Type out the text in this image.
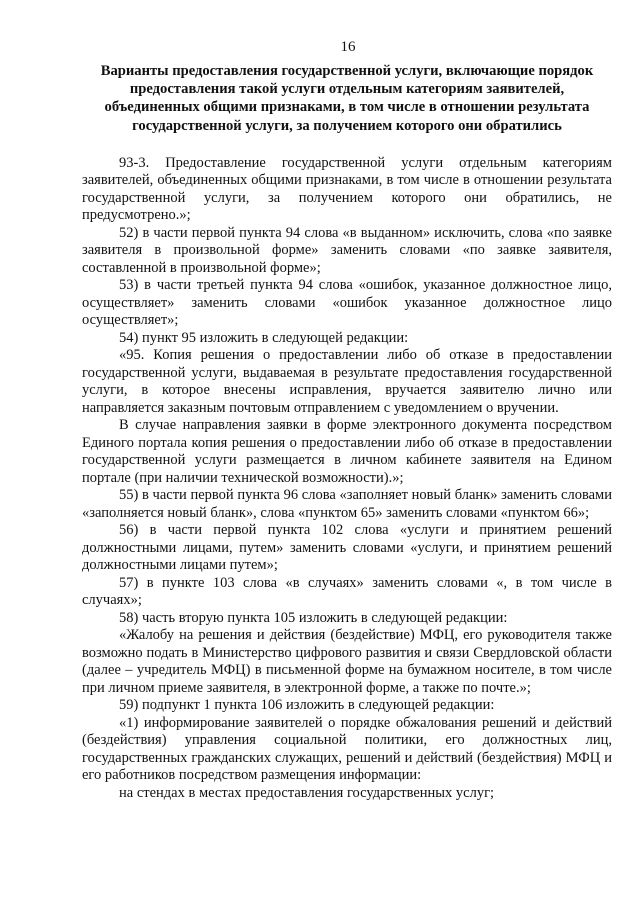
16
Варианты предоставления государственной услуги, включающие порядок предоставления такой услуги отдельным категориям заявителей, объединенных общими признаками, в том числе в отношении результата государственной услуги, за получением которого они обратились

93-3. Предоставление государственной услуги отдельным категориям заявителей, объединенных общими признаками, в том числе в отношении результата государственной услуги, за получением которого они обратились, не предусмотрено.»;

52) в части первой пункта 94 слова «в выданном» исключить, слова «по заявке заявителя в произвольной форме» заменить словами «по заявке заявителя, составленной в произвольной форме»;

53) в части третьей пункта 94 слова «ошибок, указанное должностное лицо, осуществляет» заменить словами «ошибок указанное должностное лицо осуществляет»;

54) пункт 95 изложить в следующей редакции:

«95. Копия решения о предоставлении либо об отказе в предоставлении государственной услуги, выдаваемая в результате предоставления государственной услуги, в которое внесены исправления, вручается заявителю лично или направляется заказным почтовым отправлением с уведомлением о вручении.

В случае направления заявки в форме электронного документа посредством Единого портала копия решения о предоставлении либо об отказе в предоставлении государственной услуги размещается в личном кабинете заявителя на Едином портале (при наличии технической возможности).»;

55) в части первой пункта 96 слова «заполняет новый бланк» заменить словами «заполняется новый бланк», слова «пунктом 65» заменить словами «пунктом 66»;

56) в части первой пункта 102 слова «услуги и принятием решений должностными лицами, путем» заменить словами «услуги, и принятием решений должностными лицами путем»;

57) в пункте 103 слова «в случаях» заменить словами «, в том числе в случаях»;

58) часть вторую пункта 105 изложить в следующей редакции:

«Жалобу на решения и действия (бездействие) МФЦ, его руководителя также возможно подать в Министерство цифрового развития и связи Свердловской области (далее – учредитель МФЦ) в письменной форме на бумажном носителе, в том числе при личном приеме заявителя, в электронной форме, а также по почте.»;

59) подпункт 1 пункта 106 изложить в следующей редакции:

«1) информирование заявителей о порядке обжалования решений и действий (бездействия) управления социальной политики, его должностных лиц, государственных гражданских служащих, решений и действий (бездействия) МФЦ и его работников посредством размещения информации:

на стендах в местах предоставления государственных услуг;
